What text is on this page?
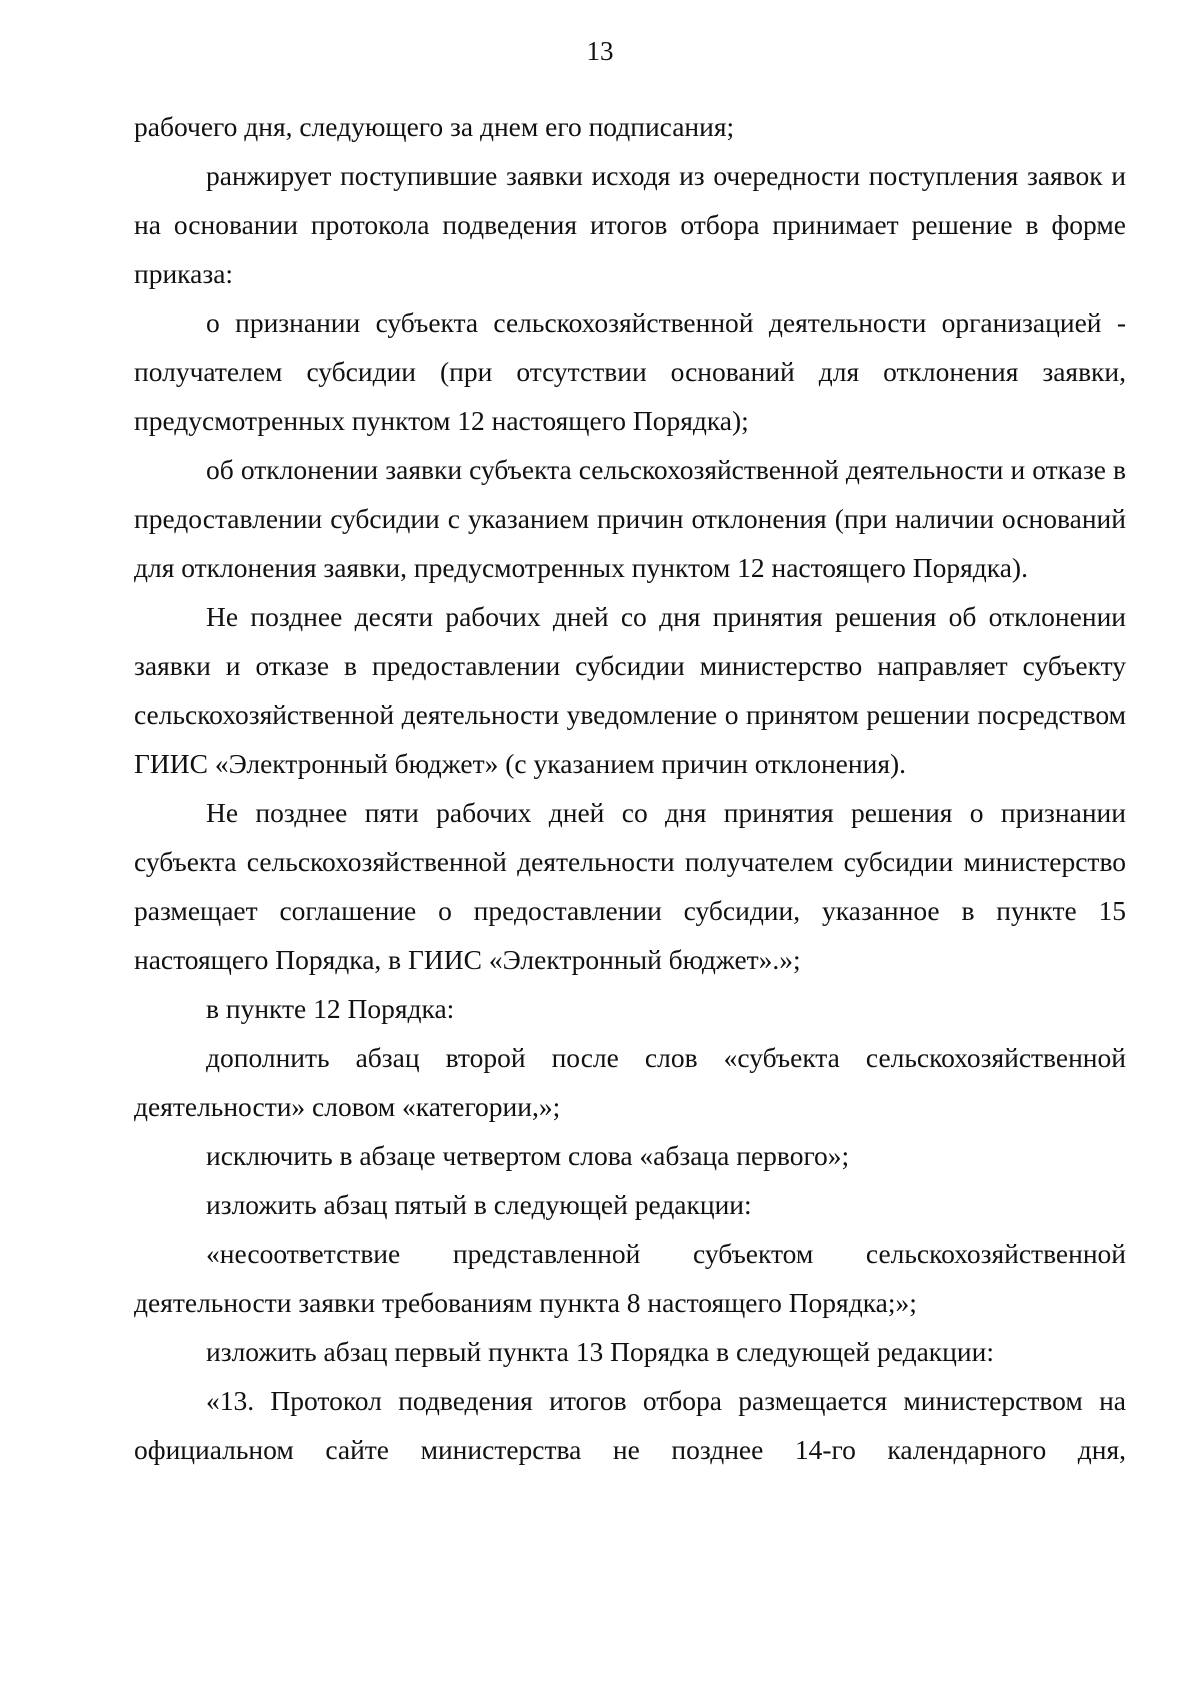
13

рабочего дня, следующего за днем его подписания;

ранжирует поступившие заявки исходя из очередности поступления заявок и на основании протокола подведения итогов отбора принимает решение в форме приказа:

о признании субъекта сельскохозяйственной деятельности организацией - получателем субсидии (при отсутствии оснований для отклонения заявки, предусмотренных пунктом 12 настоящего Порядка);

об отклонении заявки субъекта сельскохозяйственной деятельности и отказе в предоставлении субсидии с указанием причин отклонения (при наличии оснований для отклонения заявки, предусмотренных пунктом 12 настоящего Порядка).

Не позднее десяти рабочих дней со дня принятия решения об отклонении заявки и отказе в предоставлении субсидии министерство направляет субъекту сельскохозяйственной деятельности уведомление о принятом решении посредством ГИИС «Электронный бюджет» (с указанием причин отклонения).

Не позднее пяти рабочих дней со дня принятия решения о признании субъекта сельскохозяйственной деятельности получателем субсидии министерство размещает соглашение о предоставлении субсидии, указанное в пункте 15 настоящего Порядка, в ГИИС «Электронный бюджет».»;

в пункте 12 Порядка:

дополнить абзац второй после слов «субъекта сельскохозяйственной деятельности» словом «категории,»;

исключить в абзаце четвертом слова «абзаца первого»;

изложить абзац пятый в следующей редакции:

«несоответствие представленной субъектом сельскохозяйственной деятельности заявки требованиям пункта 8 настоящего Порядка;»;

изложить абзац первый пункта 13 Порядка в следующей редакции:

«13. Протокол подведения итогов отбора размещается министерством на официальном сайте министерства не позднее 14-го календарного дня,
